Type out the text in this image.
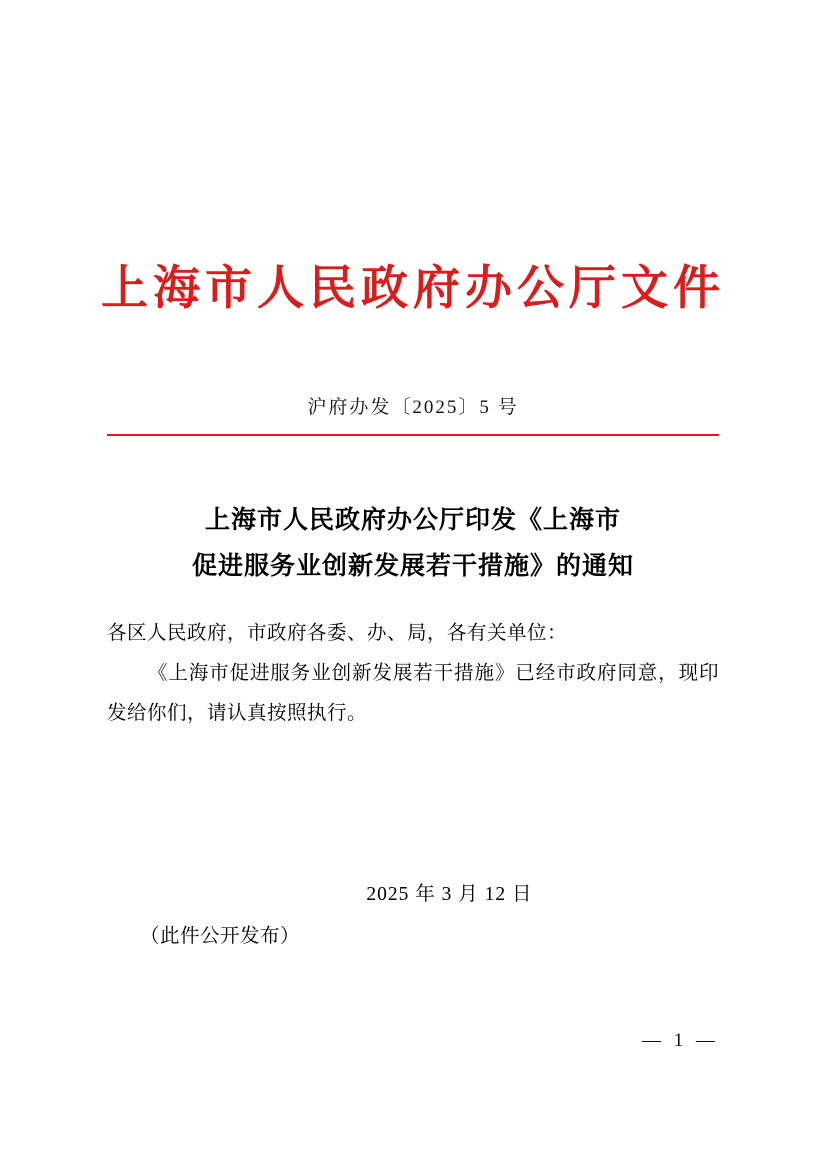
上海市人民政府办公厅文件
沪府办发〔2025〕5 号
上海市人民政府办公厅印发《上海市
促进服务业创新发展若干措施》的通知
各区人民政府，市政府各委、办、局，各有关单位：
《上海市促进服务业创新发展若干措施》已经市政府同意，现印发给你们，请认真按照执行。
2025 年 3 月 12 日
（此件公开发布）
— 1 —
